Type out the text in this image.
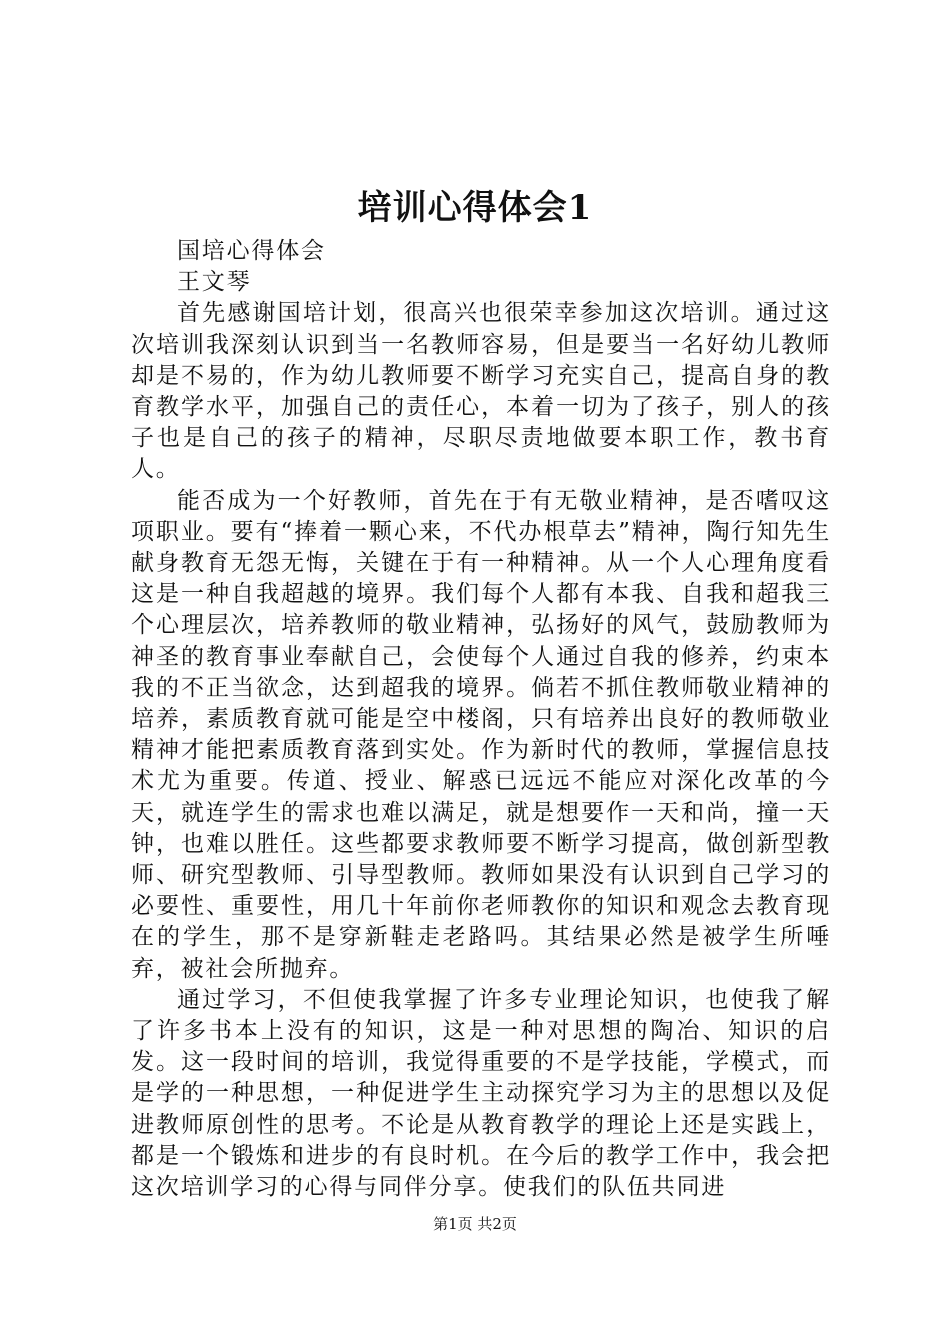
培训心得体会1

国培心得体会

王文琴

首先感谢国培计划，很高兴也很荣幸参加这次培训。通过这次培训我深刻认识到当一名教师容易，但是要当一名好幼儿教师却是不易的，作为幼儿教师要不断学习充实自己，提高自身的教育教学水平，加强自己的责任心，本着一切为了孩子，别人的孩子也是自己的孩子的精神，尽职尽责地做要本职工作，教书育人。

能否成为一个好教师，首先在于有无敬业精神，是否嗜叹这项职业。要有“捧着一颗心来，不代办根草去”精神，陶行知先生献身教育无怨无悔，关键在于有一种精神。从一个人心理角度看这是一种自我超越的境界。我们每个人都有本我、自我和超我三个心理层次，培养教师的敬业精神，弘扬好的风气，鼓励教师为神圣的教育事业奉献自己，会使每个人通过自我的修养，约束本我的不正当欲念，达到超我的境界。倘若不抓住教师敬业精神的培养，素质教育就可能是空中楼阁，只有培养出良好的教师敬业精神才能把素质教育落到实处。作为新时代的教师，掌握信息技术尤为重要。传道、授业、解惑已远远不能应对深化改革的今天，就连学生的需求也难以满足，就是想要作一天和尚，撞一天钟，也难以胜任。这些都要求教师要不断学习提高，做创新型教师、研究型教师、引导型教师。教师如果没有认识到自己学习的必要性、重要性，用几十年前你老师教你的知识和观念去教育现在的学生，那不是穿新鞋走老路吗。其结果必然是被学生所唾弃，被社会所抛弃。

通过学习，不但使我掌握了许多专业理论知识，也使我了解了许多书本上没有的知识，这是一种对思想的陶冶、知识的启发。这一段时间的培训，我觉得重要的不是学技能，学模式，而是学的一种思想，一种促进学生主动探究学习为主的思想以及促进教师原创性的思考。不论是从教育教学的理论上还是实践上，都是一个锻炼和进步的有良时机。在今后的教学工作中，我会把这次培训学习的心得与同伴分享。使我们的队伍共同进

第1页 共2页
